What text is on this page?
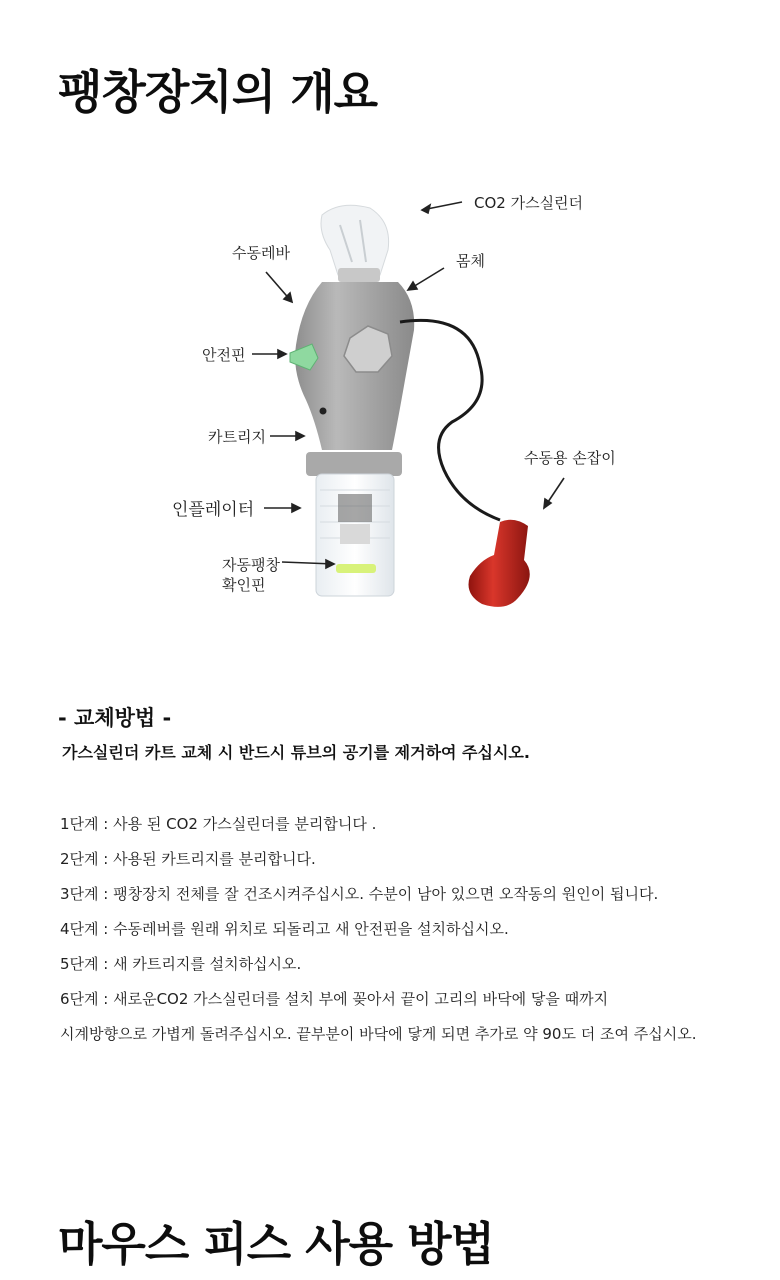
팽창장치의 개요
CO2 가스실린더
수동레바	몸체
안전핀
카트리지
수동용 손잡이
인플레이터
자동팽창
확인핀
- 교체방법 -
가스실린더 카트 교체 시 반드시 튜브의 공기를 제거하여 주십시오.
1단계 : 사용 된 CO2 가스실린더를 분리합니다 .
2단계 : 사용된 카트리지를 분리합니다.
3단계 : 팽창장치 전체를 잘 건조시켜주십시오. 수분이 남아 있으면 오작동의 원인이 됩니다.
4단계 : 수동레버를 원래 위치로 되돌리고 새 안전핀을 설치하십시오.
5단계 : 새 카트리지를 설치하십시오.
6단계 : 새로운CO2 가스실린더를 설치 부에 꽂아서 끝이 고리의 바닥에 닿을 때까지
시계방향으로 가볍게 돌려주십시오. 끝부분이 바닥에 닿게 되면 추가로 약 90도 더 조여 주십시오.
마우스 피스 사용 방법
